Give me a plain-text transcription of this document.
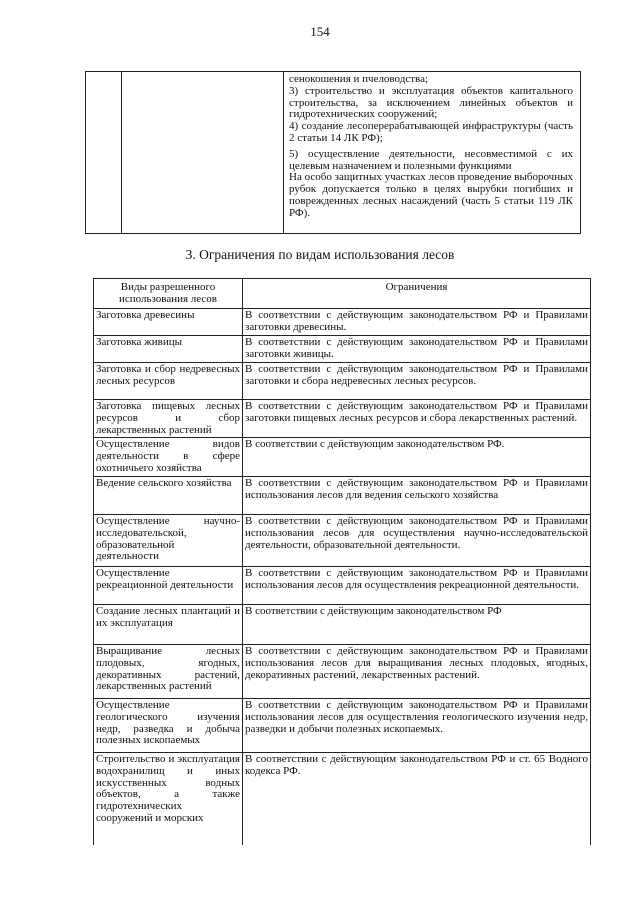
154

сенокошения и пчеловодства;

3) строительство и эксплуатация объектов капитального строительства, за исключением линейных объектов и гидротехнических сооружений;

4) создание лесоперерабатывающей инфраструктуры (часть 2 статьи 14 ЛК РФ);

5) осуществление деятельности, несовместимой с их целевым назначением и полезными функциями

На особо защитных участках лесов проведение выборочных рубок допускается только в целях вырубки погибших и поврежденных лесных насаждений (часть 5 статьи 119 ЛК РФ).

3. Ограничения по видам использования лесов
Виды разрешенного использования лесов	Ограничения
Заготовка древесины	В соответствии с действующим законодательством РФ и Правилами заготовки древесины.
Заготовка живицы	В соответствии с действующим законодательством РФ и Правилами заготовки живицы.
Заготовка и сбор недревесных лесных ресурсов	В соответствии с действующим законодательством РФ и Правилами заготовки и сбора недревесных лесных ресурсов.
Заготовка пищевых лесных ресурсов и сбор лекарственных растений	В соответствии с действующим законодательством РФ и Правилами заготовки пищевых лесных ресурсов и сбора лекарственных растений.
Осуществление видов деятельности в сфере охотничьего хозяйства	В соответствии с действующим законодательством РФ.
Ведение сельского хозяйства	В соответствии с действующим законодательством РФ и Правилами использования лесов для ведения сельского хозяйства
Осуществление научно-исследовательской, образовательной деятельности	В соответствии с действующим законодательством РФ и Правилами использования лесов для осуществления научно-исследовательской деятельности, образовательной деятельности.
Осуществление рекреационной деятельности	В соответствии с действующим законодательством РФ и Правилами использования лесов для осуществления рекреационной деятельности.
Создание лесных плантаций и их эксплуатация	В соответствии с действующим законодательством РФ
Выращивание лесных плодовых, ягодных, декоративных растений, лекарственных растений	В соответствии с действующим законодательством РФ и Правилами использования лесов для выращивания лесных плодовых, ягодных, декоративных растений, лекарственных растений.
Осуществление геологического изучения недр, разведка и добыча полезных ископаемых	В соответствии с действующим законодательством РФ и Правилами использования лесов для осуществления геологического изучения недр, разведки и добычи полезных ископаемых.
Строительство и эксплуатация водохранилищ и иных искусственных водных объектов, а также гидротехнических сооружений и морских	В соответствии с действующим законодательством РФ и ст. 65 Водного кодекса РФ.
